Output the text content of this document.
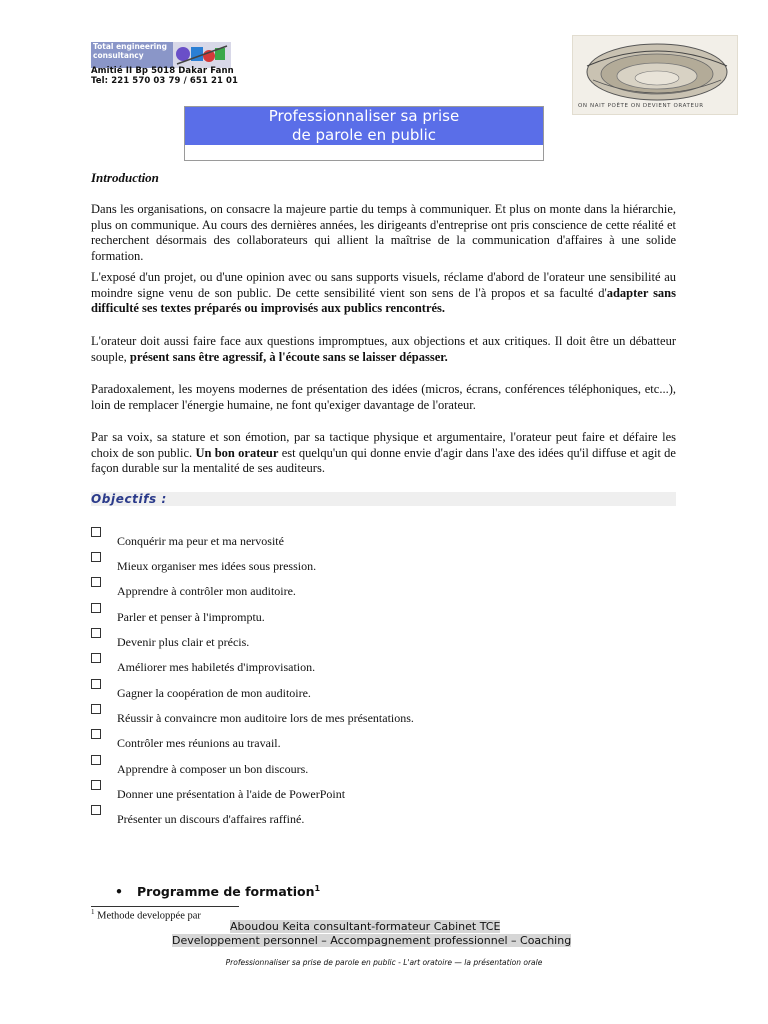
Total engineering consultancy
Amitié II Bp 5018 Dakar Fann
Tel: 221 570 03 79 / 651 21 01
ON NAIT POÈTE ON DEVIENT ORATEUR
Professionnaliser sa prise
de parole en public
Introduction
Dans les organisations, on consacre la majeure partie du temps à communiquer. Et plus on monte dans la hiérarchie, plus on communique. Au cours des dernières années, les dirigeants d'entreprise ont pris conscience de cette réalité et recherchent désormais des collaborateurs qui allient la maîtrise de la communication d'affaires à une solide formation.
L'exposé d'un projet, ou d'une opinion avec ou sans supports visuels, réclame d'abord de l'orateur une sensibilité au moindre signe venu de son public. De cette sensibilité vient son sens de l'à propos et sa faculté d'adapter sans difficulté ses textes préparés ou improvisés aux publics rencontrés.
L'orateur doit aussi faire face aux questions impromptues, aux objections et aux critiques. Il doit être un débatteur souple, présent sans être agressif, à l'écoute sans se laisser dépasser.
Paradoxalement, les moyens modernes de présentation des idées (micros, écrans, conférences téléphoniques, etc...), loin de remplacer l'énergie humaine, ne font qu'exiger davantage de l'orateur.
Par sa voix, sa stature et son émotion, par sa tactique physique et argumentaire, l'orateur peut faire et défaire les choix de son public. Un bon orateur est quelqu'un qui donne envie d'agir dans l'axe des idées qu'il diffuse et agit de façon durable sur la mentalité de ses auditeurs.
Objectifs :
Conquérir ma peur et ma nervosité
Mieux organiser mes idées sous pression.
Apprendre à contrôler mon auditoire.
Parler et penser à l'impromptu.
Devenir plus clair et précis.
Améliorer mes habiletés d'improvisation.
Gagner la coopération de mon auditoire.
Réussir à convaincre mon auditoire lors de mes présentations.
Contrôler mes réunions au travail.
Apprendre à composer un bon discours.
Donner une présentation à l'aide de PowerPoint
Présenter un discours d'affaires raffiné.
• Programme de formation$^1$
$^1$ Methode developpée par
Aboudou Keita consultant-formateur Cabinet TCE
Developpement personnel – Accompagnement professionnel – Coaching
Professionnaliser sa prise de parole en public - L'art oratoire — la présentation orale
